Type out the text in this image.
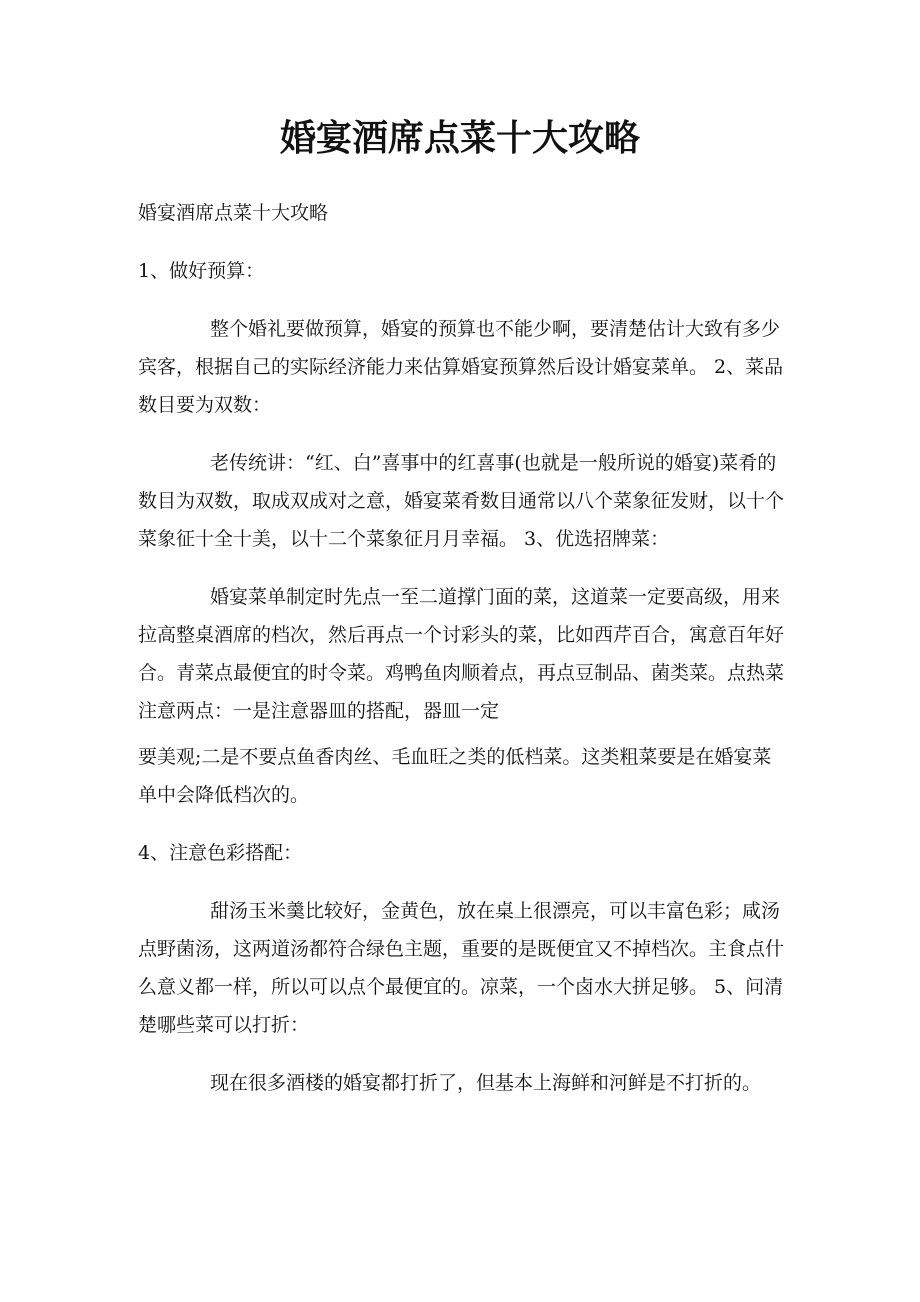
婚宴酒席点菜十大攻略

婚宴酒席点菜十大攻略

1、做好预算：

整个婚礼要做预算，婚宴的预算也不能少啊，要清楚估计大致有多少宾客，根据自己的实际经济能力来估算婚宴预算然后设计婚宴菜单。 2、菜品数目要为双数：

老传统讲：“红、白”喜事中的红喜事(也就是一般所说的婚宴)菜肴的数目为双数，取成双成对之意，婚宴菜肴数目通常以八个菜象征发财，以十个菜象征十全十美，以十二个菜象征月月幸福。 3、优选招牌菜：

婚宴菜单制定时先点一至二道撑门面的菜，这道菜一定要高级，用来拉高整桌酒席的档次，然后再点一个讨彩头的菜，比如西芹百合，寓意百年好合。青菜点最便宜的时令菜。鸡鸭鱼肉顺着点，再点豆制品、菌类菜。点热菜注意两点：一是注意器皿的搭配，器皿一定

要美观;二是不要点鱼香肉丝、毛血旺之类的低档菜。这类粗菜要是在婚宴菜单中会降低档次的。

4、注意色彩搭配：

甜汤玉米羹比较好，金黄色，放在桌上很漂亮，可以丰富色彩；咸汤点野菌汤，这两道汤都符合绿色主题，重要的是既便宜又不掉档次。主食点什么意义都一样，所以可以点个最便宜的。凉菜，一个卤水大拼足够。 5、问清楚哪些菜可以打折：

现在很多酒楼的婚宴都打折了，但基本上海鲜和河鲜是不打折的。
